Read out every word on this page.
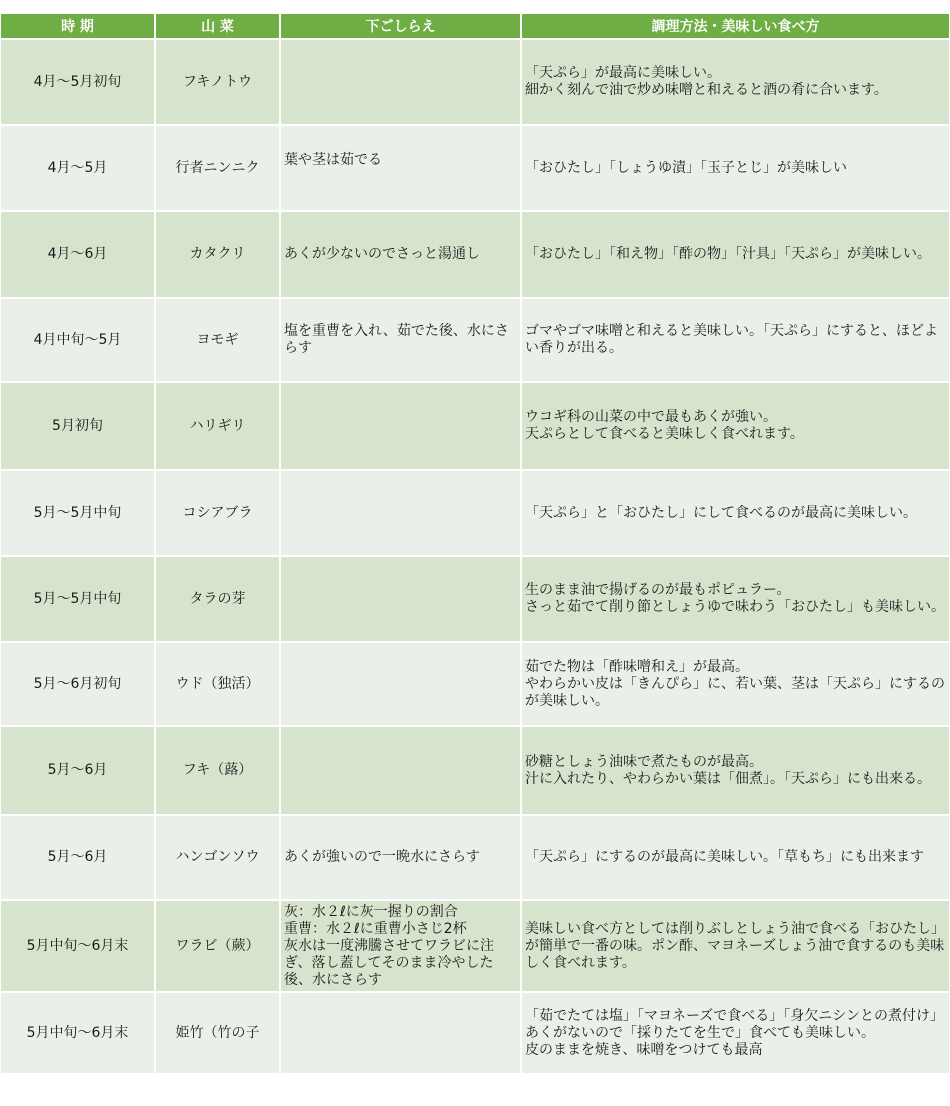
時 期	山 菜	下ごしらえ	調理方法・美味しい食べ方
4月～5月初旬	フキノトウ		「天ぷら」が最高に美味しい。
細かく刻んで油で炒め味噌と和えると酒の肴に合います。
4月～5月	行者ニンニク	葉や茎は茹でる	「おひたし」「しょうゆ漬」「玉子とじ」が美味しい
4月～6月	カタクリ	あくが少ないのでさっと湯通し	「おひたし」「和え物」「酢の物」「汁具」「天ぷら」が美味しい。
4月中旬～5月	ヨモギ	塩を重曹を入れ、茹でた後、水にさらす	ゴマやゴマ味噌と和えると美味しい。「天ぷら」にすると、ほどよい香りが出る。
5月初旬	ハリギリ		ウコギ科の山菜の中で最もあくが強い。
天ぷらとして食べると美味しく食べれます。
5月～5月中旬	コシアブラ		「天ぷら」と「おひたし」にして食べるのが最高に美味しい。
5月～5月中旬	タラの芽		生のまま油で揚げるのが最もポピュラー。
さっと茹でて削り節としょうゆで味わう「おひたし」も美味しい。
5月～6月初旬	ウド（独活）		茹でた物は「酢味噌和え」が最高。
やわらかい皮は「きんぴら」に、若い葉、茎は「天ぷら」にするのが美味しい。
5月～6月	フキ（蕗）		砂糖としょう油味で煮たものが最高。
汁に入れたり、やわらかい葉は「佃煮」。「天ぷら」にも出来る。
5月～6月	ハンゴンソウ	あくが強いので一晩水にさらす	「天ぷら」にするのが最高に美味しい。「草もち」にも出来ます
5月中旬～6月末	ワラビ（蕨）	灰：水２ℓに灰一握りの割合
重曹：水２ℓに重曹小さじ2杯
灰水は一度沸騰させてワラビに注ぎ、落し蓋してそのまま冷やした後、水にさらす	美味しい食べ方としては削りぶしとしょう油で食べる「おひたし」が簡単で一番の味。ポン酢、マヨネーズしょう油で食するのも美味しく食べれます。
5月中旬～6月末	姫竹（竹の子		「茹でたては塩」「マヨネーズで食べる」「身欠ニシンとの煮付け」あくがないので「採りたてを生で」食べても美味しい。
皮のままを焼き、味噌をつけても最高
